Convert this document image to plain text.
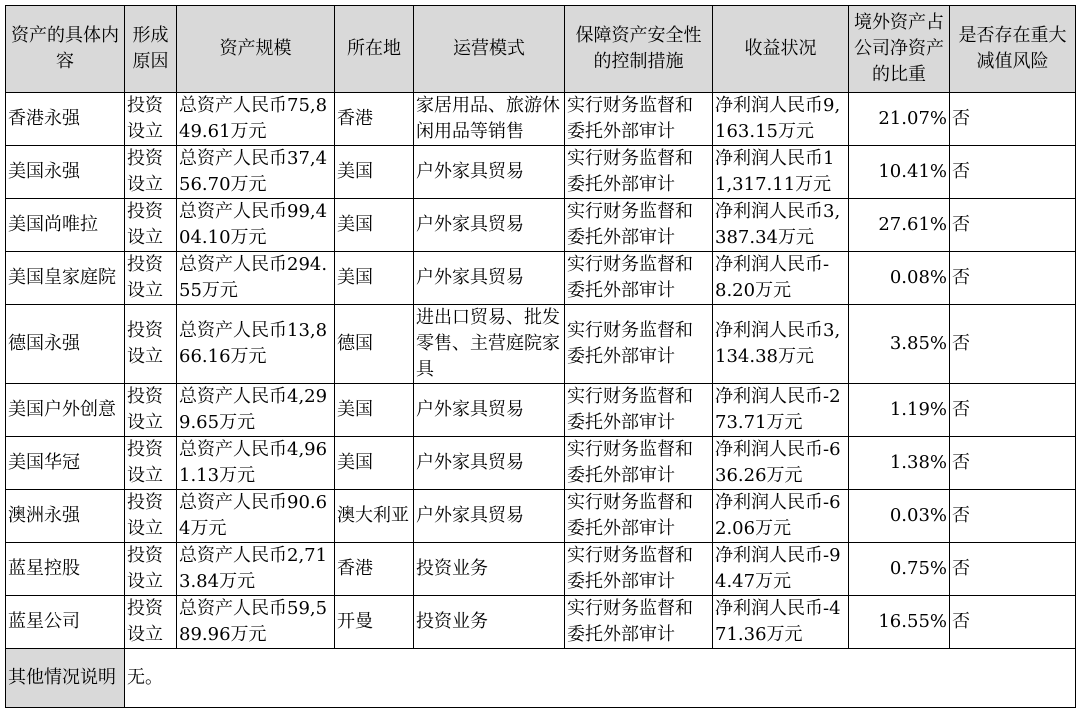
资产的具体内容	形成原因	资产规模	所在地	运营模式	保障资产安全性的控制措施	收益状况	境外资产占公司净资产的比重	是否存在重大减值风险
香港永强	投资设立	总资产人民币75,849.61万元	香港	家居用品、旅游休闲用品等销售	实行财务监督和委托外部审计	净利润人民币9,163.15万元	21.07%	否
美国永强	投资设立	总资产人民币37,456.70万元	美国	户外家具贸易	实行财务监督和委托外部审计	净利润人民币11,317.11万元	10.41%	否
美国尚唯拉	投资设立	总资产人民币99,404.10万元	美国	户外家具贸易	实行财务监督和委托外部审计	净利润人民币3,387.34万元	27.61%	否
美国皇家庭院	投资设立	总资产人民币294.55万元	美国	户外家具贸易	实行财务监督和委托外部审计	净利润人民币-8.20万元	0.08%	否
德国永强	投资设立	总资产人民币13,866.16万元	德国	进出口贸易、批发零售、主营庭院家具	实行财务监督和委托外部审计	净利润人民币3,134.38万元	3.85%	否
美国户外创意	投资设立	总资产人民币4,299.65万元	美国	户外家具贸易	实行财务监督和委托外部审计	净利润人民币-273.71万元	1.19%	否
美国华冠	投资设立	总资产人民币4,961.13万元	美国	户外家具贸易	实行财务监督和委托外部审计	净利润人民币-636.26万元	1.38%	否
澳洲永强	投资设立	总资产人民币90.64万元	澳大利亚	户外家具贸易	实行财务监督和委托外部审计	净利润人民币-62.06万元	0.03%	否
蓝星控股	投资设立	总资产人民币2,713.84万元	香港	投资业务	实行财务监督和委托外部审计	净利润人民币-94.47万元	0.75%	否
蓝星公司	投资设立	总资产人民币59,589.96万元	开曼	投资业务	实行财务监督和委托外部审计	净利润人民币-471.36万元	16.55%	否
其他情况说明	无。							
